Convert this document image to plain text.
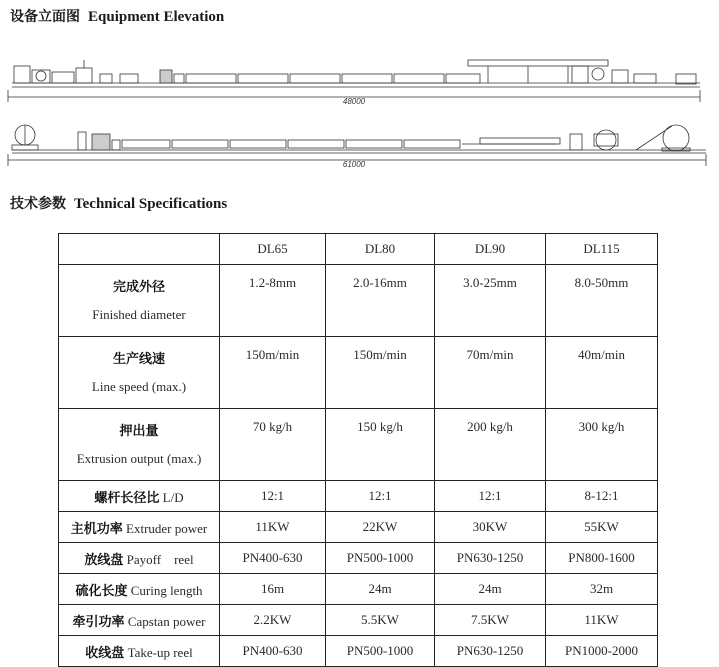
设备立面图 Equipment Elevation
48000
61000
技术参数 Technical Specifications
	DL65	DL80	DL90	DL115

完成外径
Finished diameter	1.2-8mm	2.0-16mm	3.0-25mm	8.0-50mm

生产线速
Line speed (max.)	150m/min	150m/min	70m/min	40m/min

押出量
Extrusion output (max.)	70 kg/h	150 kg/h	200 kg/h	300 kg/h
螺杆长径比 L/D	12:1	12:1	12:1	8-12:1
主机功率 Extruder power	11KW	22KW	30KW	55KW
放线盘 Payoff    reel	PN400-630	PN500-1000	PN630-1250	PN800-1600
硫化长度 Curing length	16m	24m	24m	32m
牵引功率 Capstan power	2.2KW	5.5KW	7.5KW	11KW
收线盘 Take-up reel	PN400-630	PN500-1000	PN630-1250	PN1000-2000
